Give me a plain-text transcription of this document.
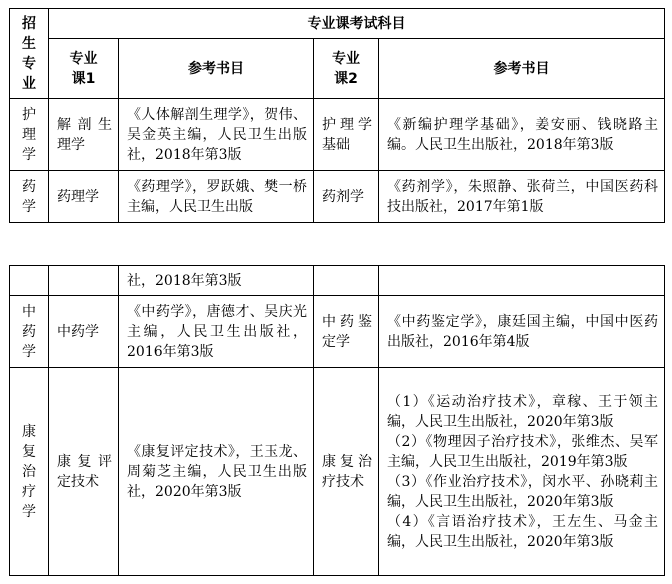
招生专业	专业课考试科目			

	专业课1	参考书目	专业课2	参考书目

护理学	解剖生理学	《人体解剖生理学》，贺伟、吴金英主编，人民卫生出版社，2018年第3版	护理学基础	《新编护理学基础》，姜安丽、钱晓路主编。人民卫生出版社，2018年第3版

药学	药理学	《药理学》，罗跃娥、樊一桥主编，人民卫生出版	药剂学	《药剂学》，朱照静、张荷兰，中国医药科技出版社，2017年第1版
		社，2018年第3版		

中药学	中药学	《中药学》，唐德才、吴庆光主编，人民卫生出版社，2016年第3版	中药鉴定学	《中药鉴定学》，康廷国主编，中国中医药出版社，2016年第4版

康复治疗学	康复评定技术	《康复评定技术》，王玉龙、周菊芝主编，人民卫生出版社，2020年第3版	康复治疗技术	（1）《运动治疗技术》，章稼、王于领主编，人民卫生出版社，2020年第3版
（2）《物理因子治疗技术》，张维杰、吴军主编，人民卫生出版社，2019年第3版
（3）《作业治疗技术》，闵水平、孙晓莉主编，人民卫生出版社，2020年第3版
（4）《言语治疗技术》，王左生、马金主编，人民卫生出版社，2020年第3版
